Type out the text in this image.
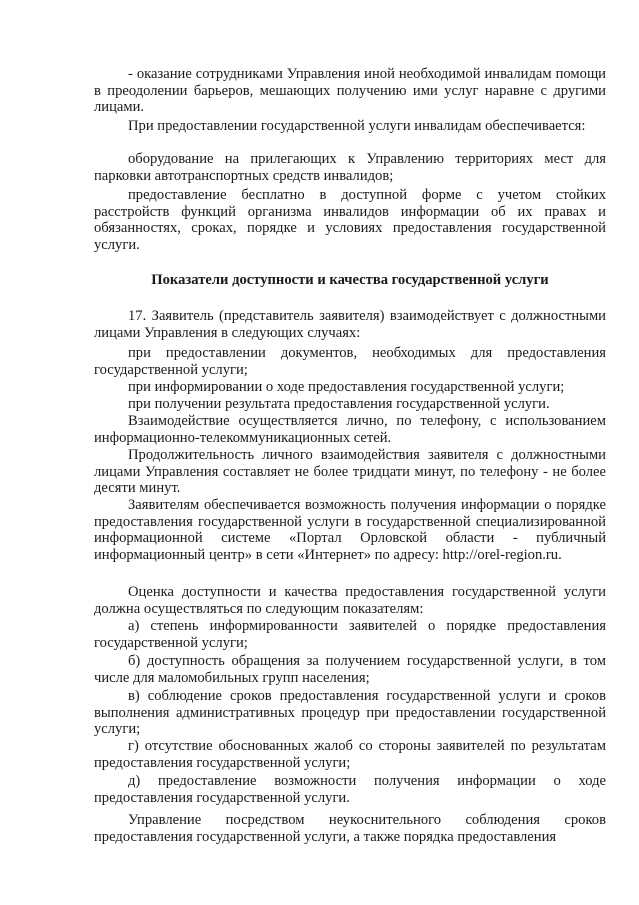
- оказание сотрудниками Управления иной необходимой инвалидам помощи в преодолении барьеров, мешающих получению ими услуг наравне с другими лицами.

При предоставлении государственной услуги инвалидам обеспечивается:

оборудование на прилегающих к Управлению территориях мест для парковки автотранспортных средств инвалидов;

предоставление бесплатно в доступной форме с учетом стойких расстройств функций организма инвалидов информации об их правах и обязанностях, сроках, порядке и условиях предоставления государственной услуги.

Показатели доступности и качества государственной услуги

17. Заявитель (представитель заявителя) взаимодействует с должностными лицами Управления в следующих случаях:

при предоставлении документов, необходимых для предоставления государственной услуги;

при информировании о ходе предоставления государственной услуги;

при получении результата предоставления государственной услуги.

Взаимодействие осуществляется лично, по телефону, с использованием информационно-телекоммуникационных сетей.

Продолжительность личного взаимодействия заявителя с должностными лицами Управления составляет не более тридцати минут, по телефону - не более десяти минут.

Заявителям обеспечивается возможность получения информации о порядке предоставления государственной услуги в государственной специализированной информационной системе «Портал Орловской области - публичный информационный центр» в сети «Интернет» по адресу: http://orel-region.ru.

Оценка доступности и качества предоставления государственной услуги должна осуществляться по следующим показателям:

а) степень информированности заявителей о порядке предоставления государственной услуги;

б) доступность обращения за получением государственной услуги, в том числе для маломобильных групп населения;

в) соблюдение сроков предоставления государственной услуги и сроков выполнения административных процедур при предоставлении государственной услуги;

г) отсутствие обоснованных жалоб со стороны заявителей по результатам предоставления государственной услуги;

д) предоставление возможности получения информации о ходе предоставления государственной услуги.

Управление посредством неукоснительного соблюдения сроков предоставления государственной услуги, а также порядка предоставления
